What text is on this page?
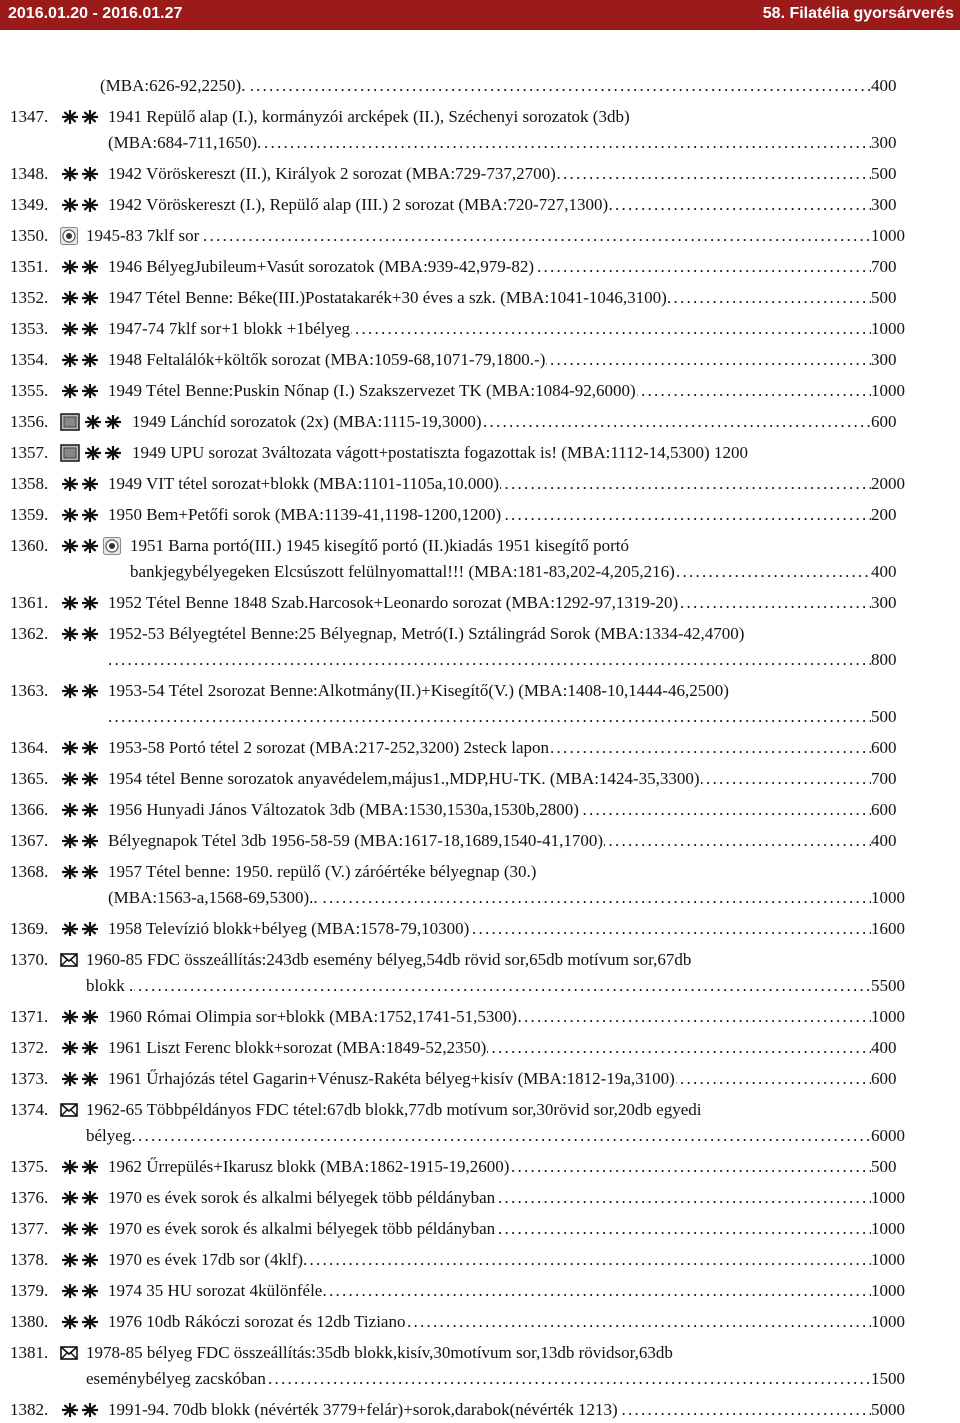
2016.01.20 - 2016.01.27	58. Filatélia gyorsárverés
(MBA:626-92,2250). . . . .	400
1347.	1941 Repülő alap (I.), kormányzói arcképek (II.), Széchenyi sorozatok (3db)
(MBA:684-711,1650). . . .	300
1348.	1942 Vöröskereszt (II.), Királyok 2 sorozat (MBA:729-737,2700) . . .	500
1349.	1942 Vöröskereszt (I.), Repülő alap (III.) 2 sorozat (MBA:720-727,1300) . . .	300
1350. 1945-83 7klf sor . . .	1000
1351.	1946 BélyegJubileum+Vasút sorozatok (MBA:939-42,979-82) . . .	700
1352.	1947 Tétel Benne: Béke(III.)Postatakarék+30 éves a szk. (MBA:1041-1046,3100) . . .	500
1353.	1947-74 7klf sor+1 blokk +1bélyeg . . .	1000
1354.	1948 Feltalálók+költők sorozat (MBA:1059-68,1071-79,1800.-) . . .	300
1355.	1949 Tétel Benne:Puskin Nőnap (I.) Szakszervezet TK (MBA:1084-92,6000) . . .	1000
1356.	1949 Lánchíd sorozatok (2x) (MBA:1115-19,3000) . . .	600
1357.	1949 UPU sorozat 3változata vágott+postatiszta fogazottak is! (MBA:1112-14,5300) 1200
1358.	1949 VIT tétel sorozat+blokk (MBA:1101-1105a,10.000) . . .	2000
1359.	1950 Bem+Petőfi sorok (MBA:1139-41,1198-1200,1200) . . .	200
1360.	1951 Barna portó(III.) 1945 kisegítő portó (II.)kiadás 1951 kisegítő portó
bankjegybélyegeken Elcsúszott felülnyomattal!!! (MBA:181-83,202-4,205,216) . . .	400
1361.	1952 Tétel Benne 1848 Szab.Harcosok+Leonardo sorozat (MBA:1292-97,1319-20) . . .	300
1362.	1952-53 Bélyegtétel Benne:25 Bélyegnap, Metró(I.) Sztálingrád Sorok (MBA:1334-42,4700)
. . . .	800
1363.	1953-54 Tétel 2sorozat Benne:Alkotmány(II.)+Kisegítő(V.) (MBA:1408-10,1444-46,2500)
. . . .	500
1364.	1953-58 Portó tétel 2 sorozat (MBA:217-252,3200) 2steck lapon . . .	600
1365.	1954 tétel Benne sorozatok anyavédelem,május1.,MDP,HU-TK. (MBA:1424-35,3300) . . .	700
1366.	1956 Hunyadi János Változatok 3db (MBA:1530,1530a,1530b,2800) . . .	600
1367.	Bélyegnapok Tétel 3db 1956-58-59 (MBA:1617-18,1689,1540-41,1700) . . .	400
1368.	1957 Tétel benne: 1950. repülő (V.) záróértéke bélyegnap (30.)
(MBA:1563-a,1568-69,5300).. . . .	1000
1369.	1958 Televízió blokk+bélyeg (MBA:1578-79,10300) . . .	1600
1370. 1960-85 FDC összeállítás:243db esemény bélyeg,54db rövid sor,65db motívum sor,67db
blokk . . . .	5500
1371.	1960 Római Olimpia sor+blokk (MBA:1752,1741-51,5300) . . .	1000
1372.	1961 Liszt Ferenc blokk+sorozat (MBA:1849-52,2350) . . .	400
1373.	1961 Űrhajózás tétel Gagarin+Vénusz-Rakéta bélyeg+kisív (MBA:1812-19a,3100) . . .	600
1374. 1962-65 Többpéldányos FDC tétel:67db blokk,77db motívum sor,30rövid sor,20db egyedi
bélyeg . . .	6000
1375.	1962 Űrrepülés+Ikarusz blokk (MBA:1862-1915-19,2600) . . .	500
1376.	1970 es évek sorok és alkalmi bélyegek több példányban . . .	1000
1377.	1970 es évek sorok és alkalmi bélyegek több példányban . . .	1000
1378.	1970 es évek 17db sor (4klf) . . .	1000
1379.	1974 35 HU sorozat 4különféle . . .	1000
1380.	1976 10db Rákóczi sorozat és 12db Tiziano . . .	1000
1381. 1978-85 bélyeg FDC összeállítás:35db blokk,kisív,30motívum sor,13db rövidsor,63db
eseménybélyeg zacskóban . . .	1500
1382.	1991-94. 70db blokk (névérték 3779+felár)+sorok,darabok(névérték 1213) . . .	5000
